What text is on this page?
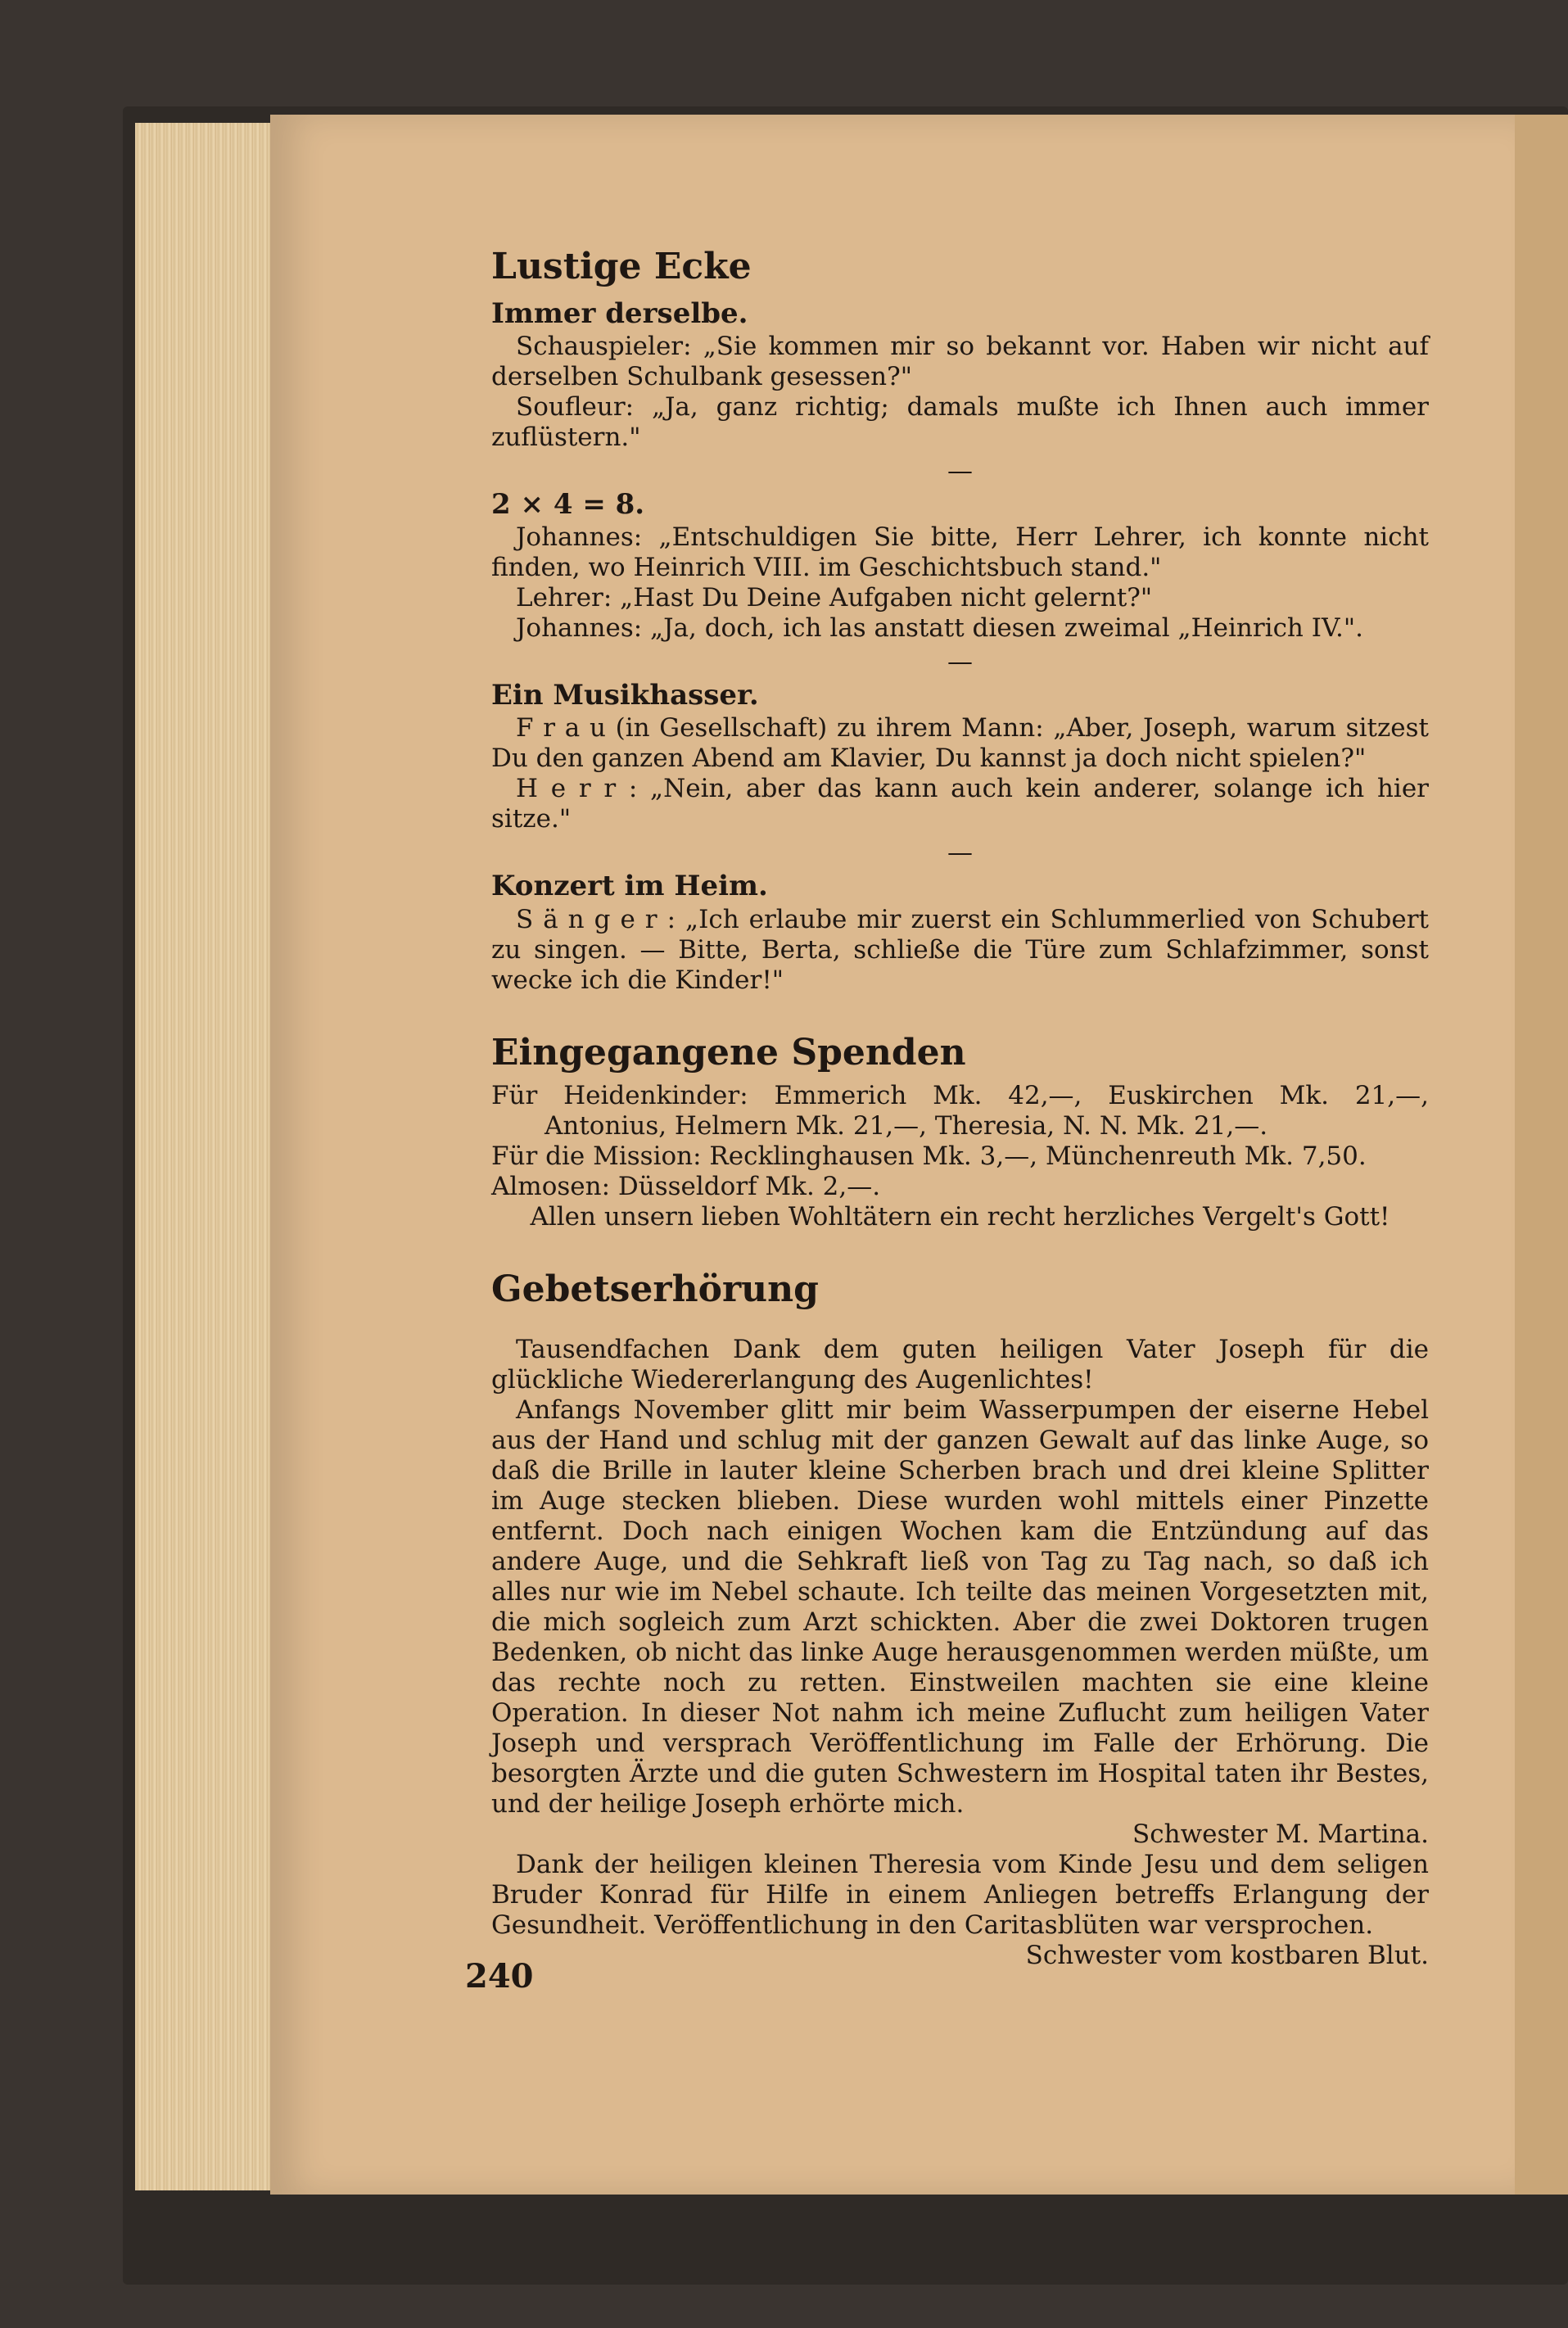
Lustige Ecke
Immer derselbe.

Schauspieler: „Sie kommen mir so bekannt vor. Haben wir nicht auf derselben Schulbank gesessen?"

Soufleur: „Ja, ganz richtig; damals mußte ich Ihnen auch immer zuflüstern."

—
2 × 4 = 8.

Johannes: „Entschuldigen Sie bitte, Herr Lehrer, ich konnte nicht finden, wo Heinrich VIII. im Geschichtsbuch stand."

Lehrer: „Hast Du Deine Aufgaben nicht gelernt?"

Johannes: „Ja, doch, ich las anstatt diesen zweimal „Heinrich IV.".

—
Ein Musikhasser.

F r a u (in Gesellschaft) zu ihrem Mann: „Aber, Joseph, warum sitzest Du den ganzen Abend am Klavier, Du kannst ja doch nicht spielen?"

H e r r : „Nein, aber das kann auch kein anderer, solange ich hier sitze."

—
Konzert im Heim.

S ä n g e r : „Ich erlaube mir zuerst ein Schlummerlied von Schubert zu singen. — Bitte, Berta, schließe die Türe zum Schlafzimmer, sonst wecke ich die Kinder!"

Eingegangene Spenden

Für Heidenkinder: Emmerich Mk. 42,—, Euskirchen Mk. 21,—, Antonius, Helmern Mk. 21,—, Theresia, N. N. Mk. 21,—.

Für die Mission: Recklinghausen Mk. 3,—, Münchenreuth Mk. 7,50.

Almosen: Düsseldorf Mk. 2,—.

Allen unsern lieben Wohltätern ein recht herzliches Vergelt's Gott!

Gebetserhörung

Tausendfachen Dank dem guten heiligen Vater Joseph für die glückliche Wiedererlangung des Augenlichtes!

Anfangs November glitt mir beim Wasserpumpen der eiserne Hebel aus der Hand und schlug mit der ganzen Gewalt auf das linke Auge, so daß die Brille in lauter kleine Scherben brach und drei kleine Splitter im Auge stecken blieben. Diese wurden wohl mittels einer Pinzette entfernt. Doch nach einigen Wochen kam die Entzündung auf das andere Auge, und die Sehkraft ließ von Tag zu Tag nach, so daß ich alles nur wie im Nebel schaute. Ich teilte das meinen Vorgesetzten mit, die mich sogleich zum Arzt schickten. Aber die zwei Doktoren trugen Bedenken, ob nicht das linke Auge herausgenommen werden müßte, um das rechte noch zu retten. Einstweilen machten sie eine kleine Operation. In dieser Not nahm ich meine Zuflucht zum heiligen Vater Joseph und versprach Veröffentlichung im Falle der Erhörung. Die besorgten Ärzte und die guten Schwestern im Hospital taten ihr Bestes, und der heilige Joseph erhörte mich.

Schwester M. Martina.

Dank der heiligen kleinen Theresia vom Kinde Jesu und dem seligen Bruder Konrad für Hilfe in einem Anliegen betreffs Erlangung der Gesundheit. Veröffentlichung in den Caritasblüten war versprochen.

Schwester vom kostbaren Blut.

240
